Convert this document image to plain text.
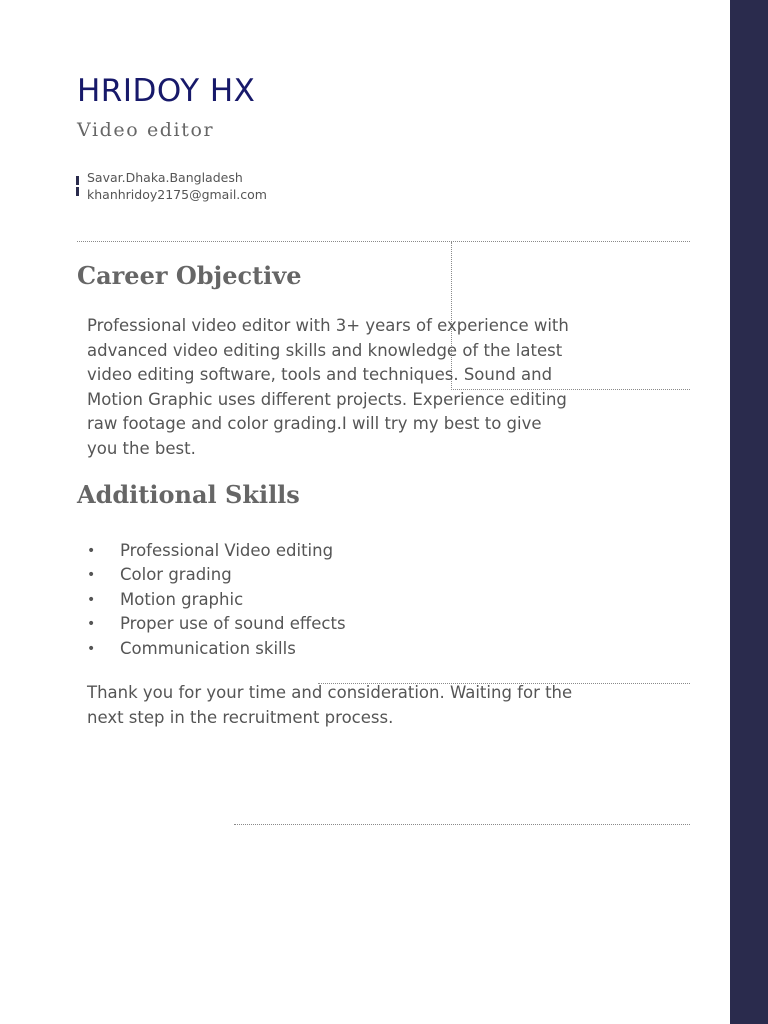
HRIDOY HX
Video editor
Savar.Dhaka.Bangladesh
khanhridoy2175@gmail.com
Career Objective
Professional video editor with 3+ years of experience with
advanced video editing skills and knowledge of the latest
video editing software, tools and techniques. Sound and
Motion Graphic uses different projects. Experience editing
raw footage and color grading.I will try my best to give
you the best.
Additional Skills
• Professional Video editing
• Color grading
• Motion graphic
• Proper use of sound effects
• Communication skills
Thank you for your time and consideration. Waiting for the
next step in the recruitment process.
